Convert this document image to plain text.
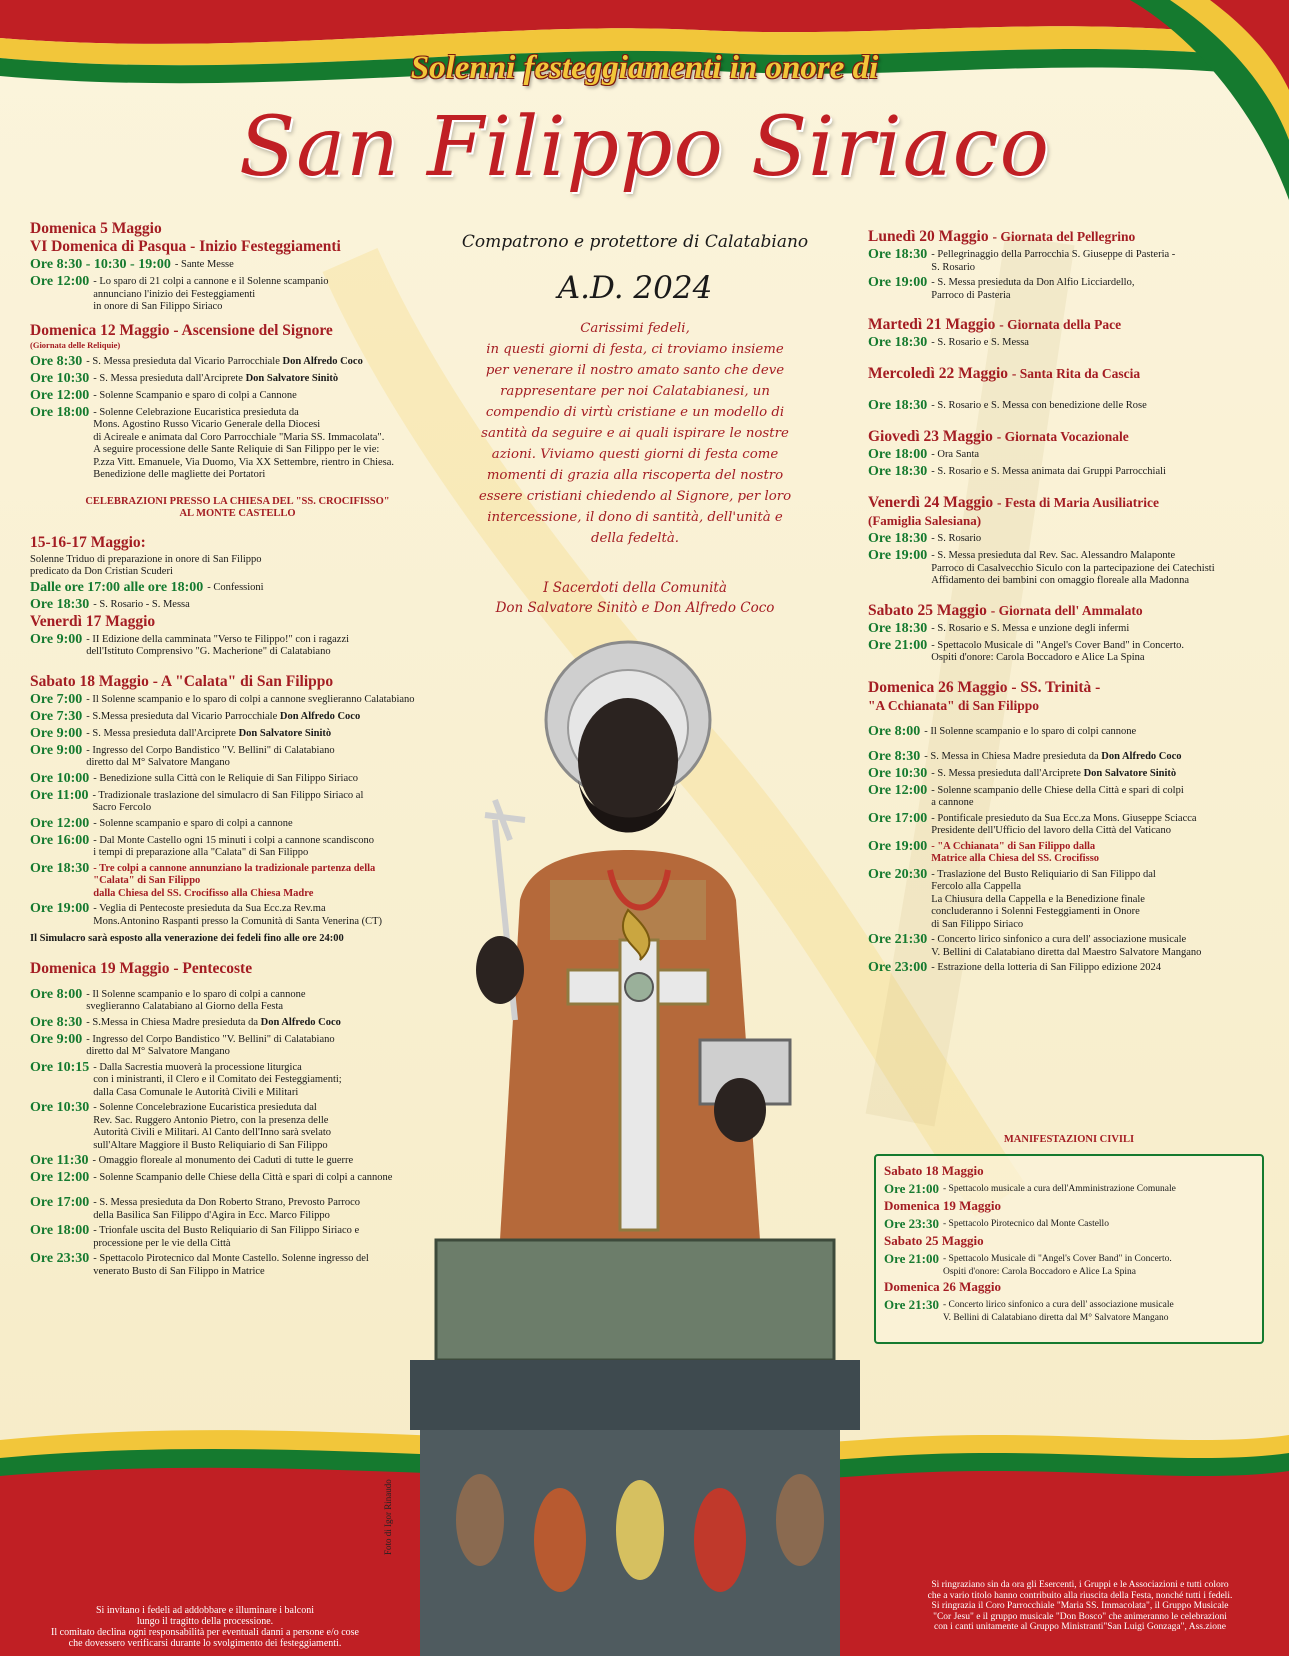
Solenni festeggiamenti in onore di
San Filippo Siriaco
Compatrono e protettore di Calatabiano
A.D. 2024
Carissimi fedeli,
in questi giorni di festa, ci troviamo insieme
per venerare il nostro amato santo che deve
rappresentare per noi Calatabianesi, un
compendio di virtù cristiane e un modello di
santità da seguire e ai quali ispirare le nostre
azioni. Viviamo questi giorni di festa come
momenti di grazia alla riscoperta del nostro
essere cristiani chiedendo al Signore, per loro
intercessione, il dono di santità, dell'unità e
della fedeltà.
I Sacerdoti della Comunità
Don Salvatore Sinitò e Don Alfredo Coco
Foto di Igor Rinaudo
Domenica 5 Maggio
VI Domenica di Pasqua - Inizio Festeggiamenti
Ore 8:30 - 10:30 - 19:00 - Sante Messe
Ore 12:00 - Lo sparo di 21 colpi a cannone e il Solenne scampanio
annunciano l'inizio dei Festeggiamenti
in onore di San Filippo Siriaco
Domenica 12 Maggio - Ascensione del Signore
(Giornata delle Reliquie)
Ore 8:30 - S. Messa presieduta dal Vicario Parrocchiale Don Alfredo Coco
Ore 10:30 - S. Messa presieduta dall'Arciprete Don Salvatore Sinitò
Ore 12:00 - Solenne Scampanio e sparo di colpi a Cannone
Ore 18:00 - Solenne Celebrazione Eucaristica presieduta da
Mons. Agostino Russo Vicario Generale della Diocesi
di Acireale e animata dal Coro Parrocchiale "Maria SS. Immacolata".
A seguire processione delle Sante Reliquie di San Filippo per le vie:
P.zza Vitt. Emanuele, Via Duomo, Via XX Settembre, rientro in Chiesa.
Benedizione delle magliette dei Portatori
CELEBRAZIONI PRESSO LA CHIESA DEL "SS. CROCIFISSO"
AL MONTE CASTELLO
15-16-17 Maggio:
Solenne Triduo di preparazione in onore di San Filippo
predicato da Don Cristian Scuderi
Dalle ore 17:00 alle ore 18:00 - Confessioni
Ore 18:30 - S. Rosario - S. Messa
Venerdì 17 Maggio
Ore 9:00 - II Edizione della camminata "Verso te Filippo!" con i ragazzi
dell'Istituto Comprensivo "G. Macherione" di Calatabiano
Sabato 18 Maggio - A "Calata" di San Filippo
Ore 7:00 - Il Solenne scampanio e lo sparo di colpi a cannone sveglieranno Calatabiano
Ore 7:30 - S.Messa presieduta dal Vicario Parrocchiale Don Alfredo Coco
Ore 9:00 - S. Messa presieduta dall'Arciprete Don Salvatore Sinitò
Ore 9:00 - Ingresso del Corpo Bandistico "V. Bellini" di Calatabiano
diretto dal M° Salvatore Mangano
Ore 10:00 - Benedizione sulla Città con le Reliquie di San Filippo Siriaco
Ore 11:00 - Tradizionale traslazione del simulacro di San Filippo Siriaco al
Sacro Fercolo
Ore 12:00 - Solenne scampanio e sparo di colpi a cannone
Ore 16:00 - Dal Monte Castello ogni 15 minuti i colpi a cannone scandiscono
i tempi di preparazione alla "Calata" di San Filippo
Ore 18:30 - Tre colpi a cannone annunziano la tradizionale partenza della
"Calata" di San Filippo
dalla Chiesa del SS. Crocifisso alla Chiesa Madre
Ore 19:00 - Veglia di Pentecoste presieduta da Sua Ecc.za Rev.ma
Mons.Antonino Raspanti presso la Comunità di Santa Venerina (CT)
Il Simulacro sarà esposto alla venerazione dei fedeli fino alle ore 24:00
Domenica 19 Maggio - Pentecoste
Ore 8:00 - Il Solenne scampanio e lo sparo di colpi a cannone
sveglieranno Calatabiano al Giorno della Festa
Ore 8:30 - S.Messa in Chiesa Madre presieduta da Don Alfredo Coco
Ore 9:00 - Ingresso del Corpo Bandistico "V. Bellini" di Calatabiano
diretto dal M° Salvatore Mangano
Ore 10:15 - Dalla Sacrestia muoverà la processione liturgica
con i ministranti, il Clero e il Comitato dei Festeggiamenti;
dalla Casa Comunale le Autorità Civili e Militari
Ore 10:30 - Solenne Concelebrazione Eucaristica presieduta dal
Rev. Sac. Ruggero Antonio Pietro, con la presenza delle
Autorità Civili e Militari. Al Canto dell'Inno sarà svelato
sull'Altare Maggiore il Busto Reliquiario di San Filippo
Ore 11:30 - Omaggio floreale al monumento dei Caduti di tutte le guerre
Ore 12:00 - Solenne Scampanio delle Chiese della Città e spari di colpi a cannone
Ore 17:00 - S. Messa presieduta da Don Roberto Strano, Prevosto Parroco
della Basilica San Filippo d'Agira in Ecc. Marco Filippo
Ore 18:00 - Trionfale uscita del Busto Reliquiario di San Filippo Siriaco e
processione per le vie della Città
Ore 23:30 - Spettacolo Pirotecnico dal Monte Castello. Solenne ingresso del
venerato Busto di San Filippo in Matrice
Lunedì 20 Maggio - Giornata del Pellegrino
Ore 18:30 - Pellegrinaggio della Parrocchia S. Giuseppe di Pasteria -
S. Rosario
Ore 19:00 - S. Messa presieduta da Don Alfio Licciardello,
Parroco di Pasteria
Martedì 21 Maggio - Giornata della Pace
Ore 18:30 - S. Rosario e S. Messa
Mercoledì 22 Maggio - Santa Rita da Cascia
Ore 18:30 - S. Rosario e S. Messa con benedizione delle Rose
Giovedì 23 Maggio - Giornata Vocazionale
Ore 18:00 - Ora Santa
Ore 18:30 - S. Rosario e S. Messa animata dai Gruppi Parrocchiali
Venerdì 24 Maggio - Festa di Maria Ausiliatrice
(Famiglia Salesiana)
Ore 18:30 - S. Rosario
Ore 19:00 - S. Messa presieduta dal Rev. Sac. Alessandro Malaponte
Parroco di Casalvecchio Siculo con la partecipazione dei Catechisti
Affidamento dei bambini con omaggio floreale alla Madonna
Sabato 25 Maggio - Giornata dell' Ammalato
Ore 18:30 - S. Rosario e S. Messa e unzione degli infermi
Ore 21:00 - Spettacolo Musicale di "Angel's Cover Band" in Concerto.
Ospiti d'onore: Carola Boccadoro e Alice La Spina
Domenica 26 Maggio - SS. Trinità -
"A Cchianata" di San Filippo
Ore 8:00 - Il Solenne scampanio e lo sparo di colpi cannone
Ore 8:30 - S. Messa in Chiesa Madre presieduta da Don Alfredo Coco
Ore 10:30 - S. Messa presieduta dall'Arciprete Don Salvatore Sinitò
Ore 12:00 - Solenne scampanio delle Chiese della Città e spari di colpi
a cannone
Ore 17:00 - Pontificale presieduto da Sua Ecc.za Mons. Giuseppe Sciacca
Presidente dell'Ufficio del lavoro della Città del Vaticano
Ore 19:00 - "A Cchianata" di San Filippo dalla
Matrice alla Chiesa del SS. Crocifisso
Ore 20:30 - Traslazione del Busto Reliquiario di San Filippo dal
Fercolo alla Cappella
La Chiusura della Cappella e la Benedizione finale
concluderanno i Solenni Festeggiamenti in Onore
di San Filippo Siriaco
Ore 21:30 - Concerto lirico sinfonico a cura dell' associazione musicale
V. Bellini di Calatabiano diretta dal Maestro Salvatore Mangano
Ore 23:00 - Estrazione della lotteria di San Filippo edizione 2024
MANIFESTAZIONI CIVILI
Sabato 18 Maggio
Ore 21:00 - Spettacolo musicale a cura dell'Amministrazione Comunale
Domenica 19 Maggio
Ore 23:30 - Spettacolo Pirotecnico dal Monte Castello
Sabato 25 Maggio
Ore 21:00 - Spettacolo Musicale di "Angel's Cover Band" in Concerto.
Ospiti d'onore: Carola Boccadoro e Alice La Spina
Domenica 26 Maggio
Ore 21:30 - Concerto lirico sinfonico a cura dell' associazione musicale
V. Bellini di Calatabiano diretta dal M° Salvatore Mangano
Si invitano i fedeli ad addobbare e illuminare i balconi
lungo il tragitto della processione.
Il comitato declina ogni responsabilità per eventuali danni a persone e/o cose
che dovessero verificarsi durante lo svolgimento dei festeggiamenti.
Si ringraziano sin da ora gli Esercenti, i Gruppi e le Associazioni e tutti coloro
che a vario titolo hanno contribuito alla riuscita della Festa, nonché tutti i fedeli.
Si ringrazia il Coro Parrocchiale "Maria SS. Immacolata", il Gruppo Musicale
"Cor Jesu" e il gruppo musicale "Don Bosco" che animeranno le celebrazioni
con i canti unitamente al Gruppo Ministranti"San Luigi Gonzaga", Ass.zione
